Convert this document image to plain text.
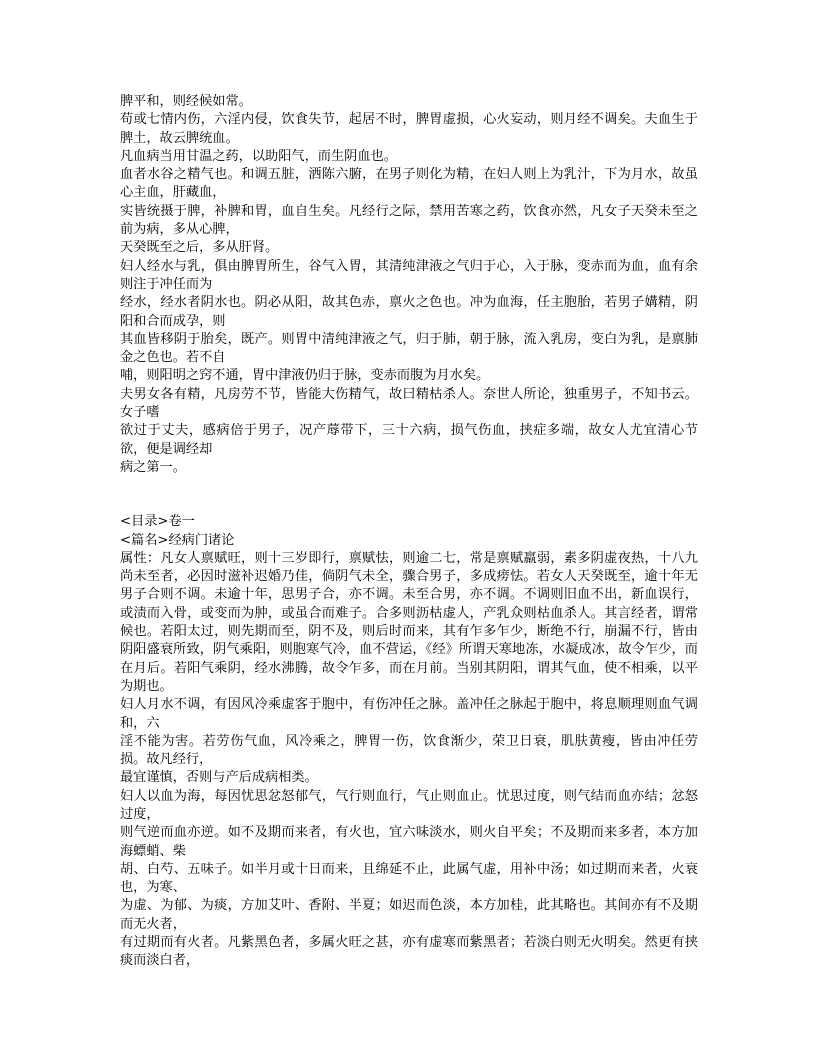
脾平和，则经候如常。

苟或七情内伤，六淫内侵，饮食失节，起居不时，脾胃虚损，心火妄动，则月经不调矣。夫血生于脾土，故云脾统血。

凡血病当用甘温之药，以助阳气，而生阴血也。

血者水谷之精气也。和调五脏，洒陈六腑，在男子则化为精，在妇人则上为乳汁，下为月水，故虽心主血，肝藏血，

实皆统摄于脾，补脾和胃，血自生矣。凡经行之际，禁用苦寒之药，饮食亦然，凡女子天癸未至之前为病，多从心脾，

天癸既至之后，多从肝肾。

妇人经水与乳，俱由脾胃所生，谷气入胃，其清纯津液之气归于心，入于脉，变赤而为血，血有余则注于冲任而为

经水，经水者阴水也。阴必从阳，故其色赤，禀火之色也。冲为血海，任主胞胎，若男子媾精，阴阳和合而成孕，则

其血皆移阴于胎矣，既产。则胃中清纯津液之气，归于肺，朝于脉，流入乳房，变白为乳，是禀肺金之色也。若不自

哺，则阳明之窍不通，胃中津液仍归于脉，变赤而腹为月水矣。

夫男女各有精，凡房劳不节，皆能大伤精气，故曰精枯杀人。奈世人所论，独重男子，不知书云。女子嗜

欲过于丈夫，感病倍于男子，况产蓐带下，三十六病，损气伤血，挟症多端，故女人尤宜清心节欲，便是调经却

病之第一。

<目录>卷一

<篇名>经病门诸论

属性：凡女人禀赋旺，则十三岁即行，禀赋怯，则逾二七，常是禀赋羸弱，素多阴虚夜热，十八九尚未至者，必因时滋补迟婚乃佳，倘阴气未全，骤合男子，多成痨怯。若女人天癸既至，逾十年无男子合则不调。未逾十年，思男子合，亦不调。未至合男，亦不调。不调则旧血不出，新血误行，或渍而入骨，或变而为肿，或虽合而难子。合多则沥枯虚人，产乳众则枯血杀人。其言经者，谓常候也。若阳太过，则先期而至，阴不及，则后时而来，其有乍多乍少，断绝不行，崩漏不行，皆由阴阳盛衰所致，阴气乘阳，则胞寒气冷，血不营运，《经》所谓天寒地冻，水凝成冰，故令乍少，而在月后。若阳气乘阴，经水沸腾，故令乍多，而在月前。当别其阴阳，谓其气血，使不相乘，以平为期也。

妇人月水不调，有因风冷乘虚客于胞中，有伤冲任之脉。盖冲任之脉起于胞中，将息顺理则血气调和，六

淫不能为害。若劳伤气血，风冷乘之，脾胃一伤，饮食渐少，荣卫日衰，肌肤黄瘦，皆由冲任劳损。故凡经行，

最宜谨慎，否则与产后成病相类。

妇人以血为海，每因忧思忿怒郁气，气行则血行，气止则血止。忧思过度，则气结而血亦结；忿怒过度，

则气逆而血亦逆。如不及期而来者，有火也，宜六味淡水，则火自平矣；不及期而来多者，本方加海螵蛸、柴

胡、白芍、五味子。如半月或十日而来，且绵延不止，此属气虚，用补中汤；如过期而来者，火衰也，为寒、

为虚、为郁、为痰，方加艾叶、香附、半夏；如迟而色淡，本方加桂，此其略也。其间亦有不及期而无火者，

有过期而有火者。凡紫黑色者，多属火旺之甚，亦有虚寒而紫黑者；若淡白则无火明矣。然更有挟痰而淡白者，
